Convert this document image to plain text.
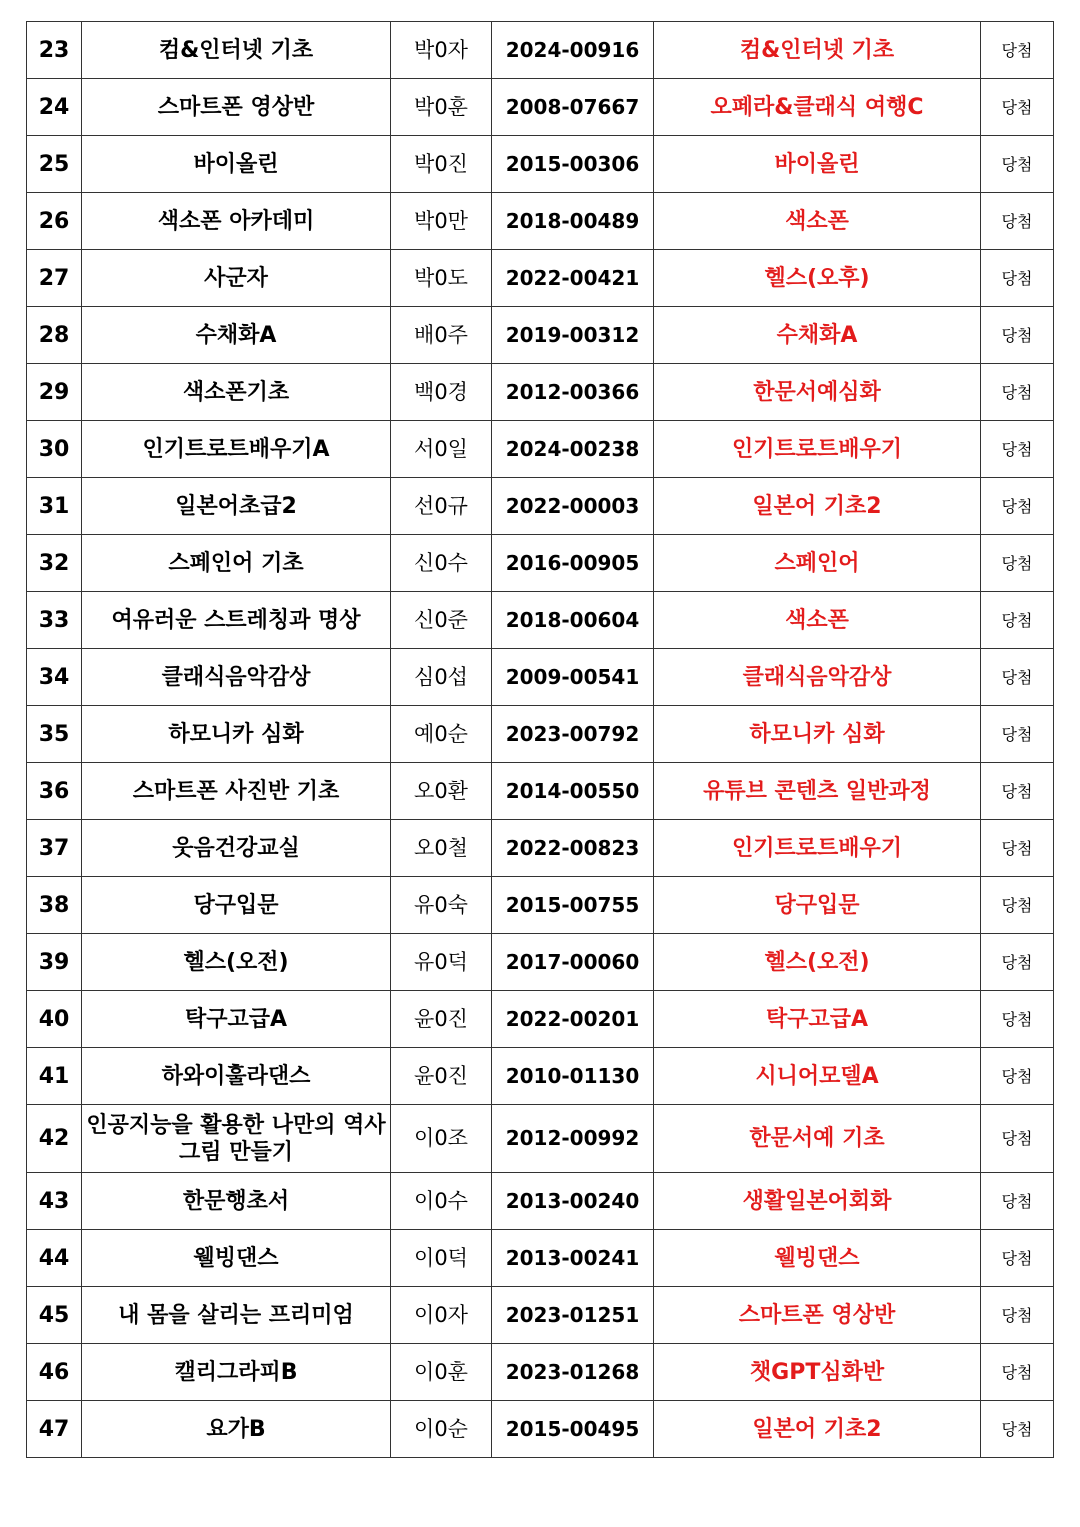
23	컴&인터넷 기초	박0자	2024-00916	컴&인터넷 기초	당첨
24	스마트폰 영상반	박0훈	2008-07667	오페라&클래식 여행C	당첨
25	바이올린	박0진	2015-00306	바이올린	당첨
26	색소폰 아카데미	박0만	2018-00489	색소폰	당첨
27	사군자	박0도	2022-00421	헬스(오후)	당첨
28	수채화A	배0주	2019-00312	수채화A	당첨
29	색소폰기초	백0경	2012-00366	한문서예심화	당첨
30	인기트로트배우기A	서0일	2024-00238	인기트로트배우기	당첨
31	일본어초급2	선0규	2022-00003	일본어 기초2	당첨
32	스페인어 기초	신0수	2016-00905	스페인어	당첨
33	여유러운 스트레칭과 명상	신0준	2018-00604	색소폰	당첨
34	클래식음악감상	심0섭	2009-00541	클래식음악감상	당첨
35	하모니카 심화	예0순	2023-00792	하모니카 심화	당첨
36	스마트폰 사진반 기초	오0환	2014-00550	유튜브 콘텐츠 일반과정	당첨
37	웃음건강교실	오0철	2022-00823	인기트로트배우기	당첨
38	당구입문	유0숙	2015-00755	당구입문	당첨
39	헬스(오전)	유0덕	2017-00060	헬스(오전)	당첨
40	탁구고급A	윤0진	2022-00201	탁구고급A	당첨
41	하와이훌라댄스	윤0진	2010-01130	시니어모델A	당첨
42	인공지능을 활용한 나만의 역사그림 만들기	이0조	2012-00992	한문서예 기초	당첨
43	한문행초서	이0수	2013-00240	생활일본어회화	당첨
44	웰빙댄스	이0덕	2013-00241	웰빙댄스	당첨
45	내 몸을 살리는 프리미엄	이0자	2023-01251	스마트폰 영상반	당첨
46	캘리그라피B	이0훈	2023-01268	챗GPT심화반	당첨
47	요가B	이0순	2015-00495	일본어 기초2	당첨
